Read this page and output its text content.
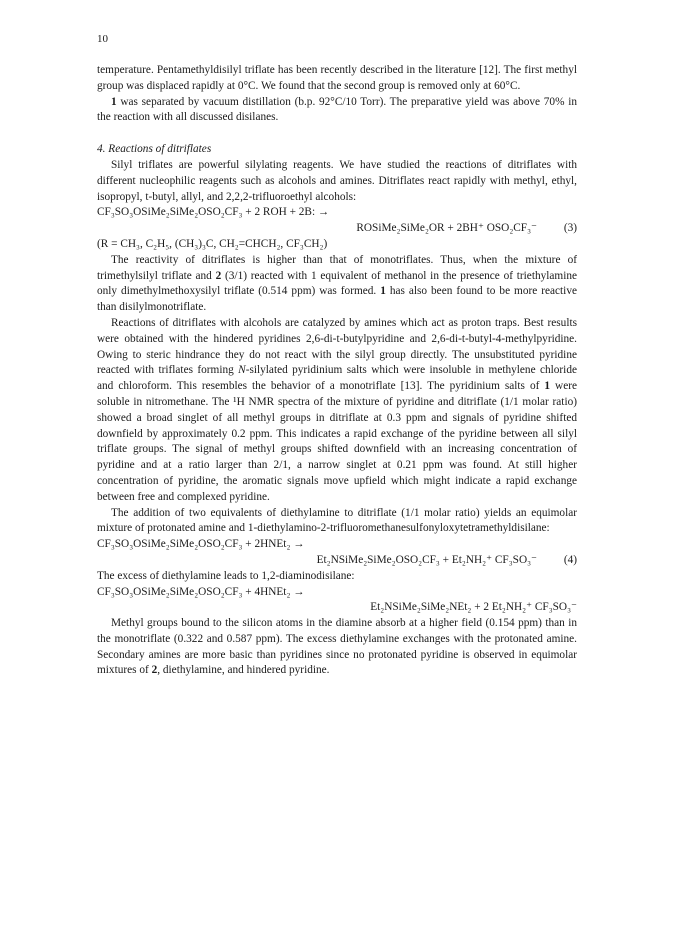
10

temperature. Pentamethyldisilyl triflate has been recently described in the literature [12]. The first methyl group was displaced rapidly at 0°C. We found that the second group is removed only at 60°C.

1 was separated by vacuum distillation (b.p. 92°C/10 Torr). The preparative yield was above 70% in the reaction with all discussed disilanes.

4. Reactions of ditriflates

Silyl triflates are powerful silylating reagents. We have studied the reactions of ditriflates with different nucleophilic reagents such as alcohols and amines. Ditriflates react rapidly with methyl, ethyl, isopropyl, t-butyl, allyl, and 2,2,2-trifluoroethyl alcohols:

CF₃SO₃OSiMe₂SiMe₂OSO₂CF₃ + 2 ROH + 2B: →

ROSiMe₂SiMe₂OR + 2BH⁺ OSO₂CF₃⁻ (3)

(R = CH₃, C₂H₅, (CH₃)₃C, CH₂=CHCH₂, CF₃CH₂)

The reactivity of ditriflates is higher than that of monotriflates. Thus, when the mixture of trimethylsilyl triflate and 2 (3/1) reacted with 1 equivalent of methanol in the presence of triethylamine only dimethylmethoxysilyl triflate (0.514 ppm) was formed. 1 has also been found to be more reactive than disilylmonotriflate.

Reactions of ditriflates with alcohols are catalyzed by amines which act as proton traps. Best results were obtained with the hindered pyridines 2,6-di-t-butylpyridine and 2,6-di-t-butyl-4-methylpyridine. Owing to steric hindrance they do not react with the silyl group directly. The unsubstituted pyridine reacted with triflates forming N-silylated pyridinium salts which were insoluble in methylene chloride and chloroform. This resembles the behavior of a monotriflate [13]. The pyridinium salts of 1 were soluble in nitromethane. The ¹H NMR spectra of the mixture of pyridine and ditriflate (1/1 molar ratio) showed a broad singlet of all methyl groups in ditriflate at 0.3 ppm and signals of pyridine shifted downfield by approximately 0.2 ppm. This indicates a rapid exchange of the pyridine between all silyl triflate groups. The signal of methyl groups shifted downfield with an increasing concentration of pyridine and at a ratio larger than 2/1, a narrow singlet at 0.21 ppm was found. At still higher concentration of pyridine, the aromatic signals move upfield which might indicate a rapid exchange between free and complexed pyridine.

The addition of two equivalents of diethylamine to ditriflate (1/1 molar ratio) yields an equimolar mixture of protonated amine and 1-diethylamino-2-trifluoromethanesulfonyloxytetramethyldisilane:

CF₃SO₃OSiMe₂SiMe₂OSO₂CF₃ + 2HNEt₂ →

Et₂NSiMe₂SiMe₂OSO₂CF₃ + Et₂NH₂⁺ CF₃SO₃⁻ (4)

The excess of diethylamine leads to 1,2-diaminodisilane:

CF₃SO₃OSiMe₂SiMe₂OSO₂CF₃ + 4HNEt₂ →

Et₂NSiMe₂SiMe₂NEt₂ + 2 Et₂NH₂⁺ CF₃SO₃⁻

Methyl groups bound to the silicon atoms in the diamine absorb at a higher field (0.154 ppm) than in the monotriflate (0.322 and 0.587 ppm). The excess diethylamine exchanges with the protonated amine. Secondary amines are more basic than pyridines since no protonated pyridine is observed in equimolar mixtures of 2, diethylamine, and hindered pyridine.
